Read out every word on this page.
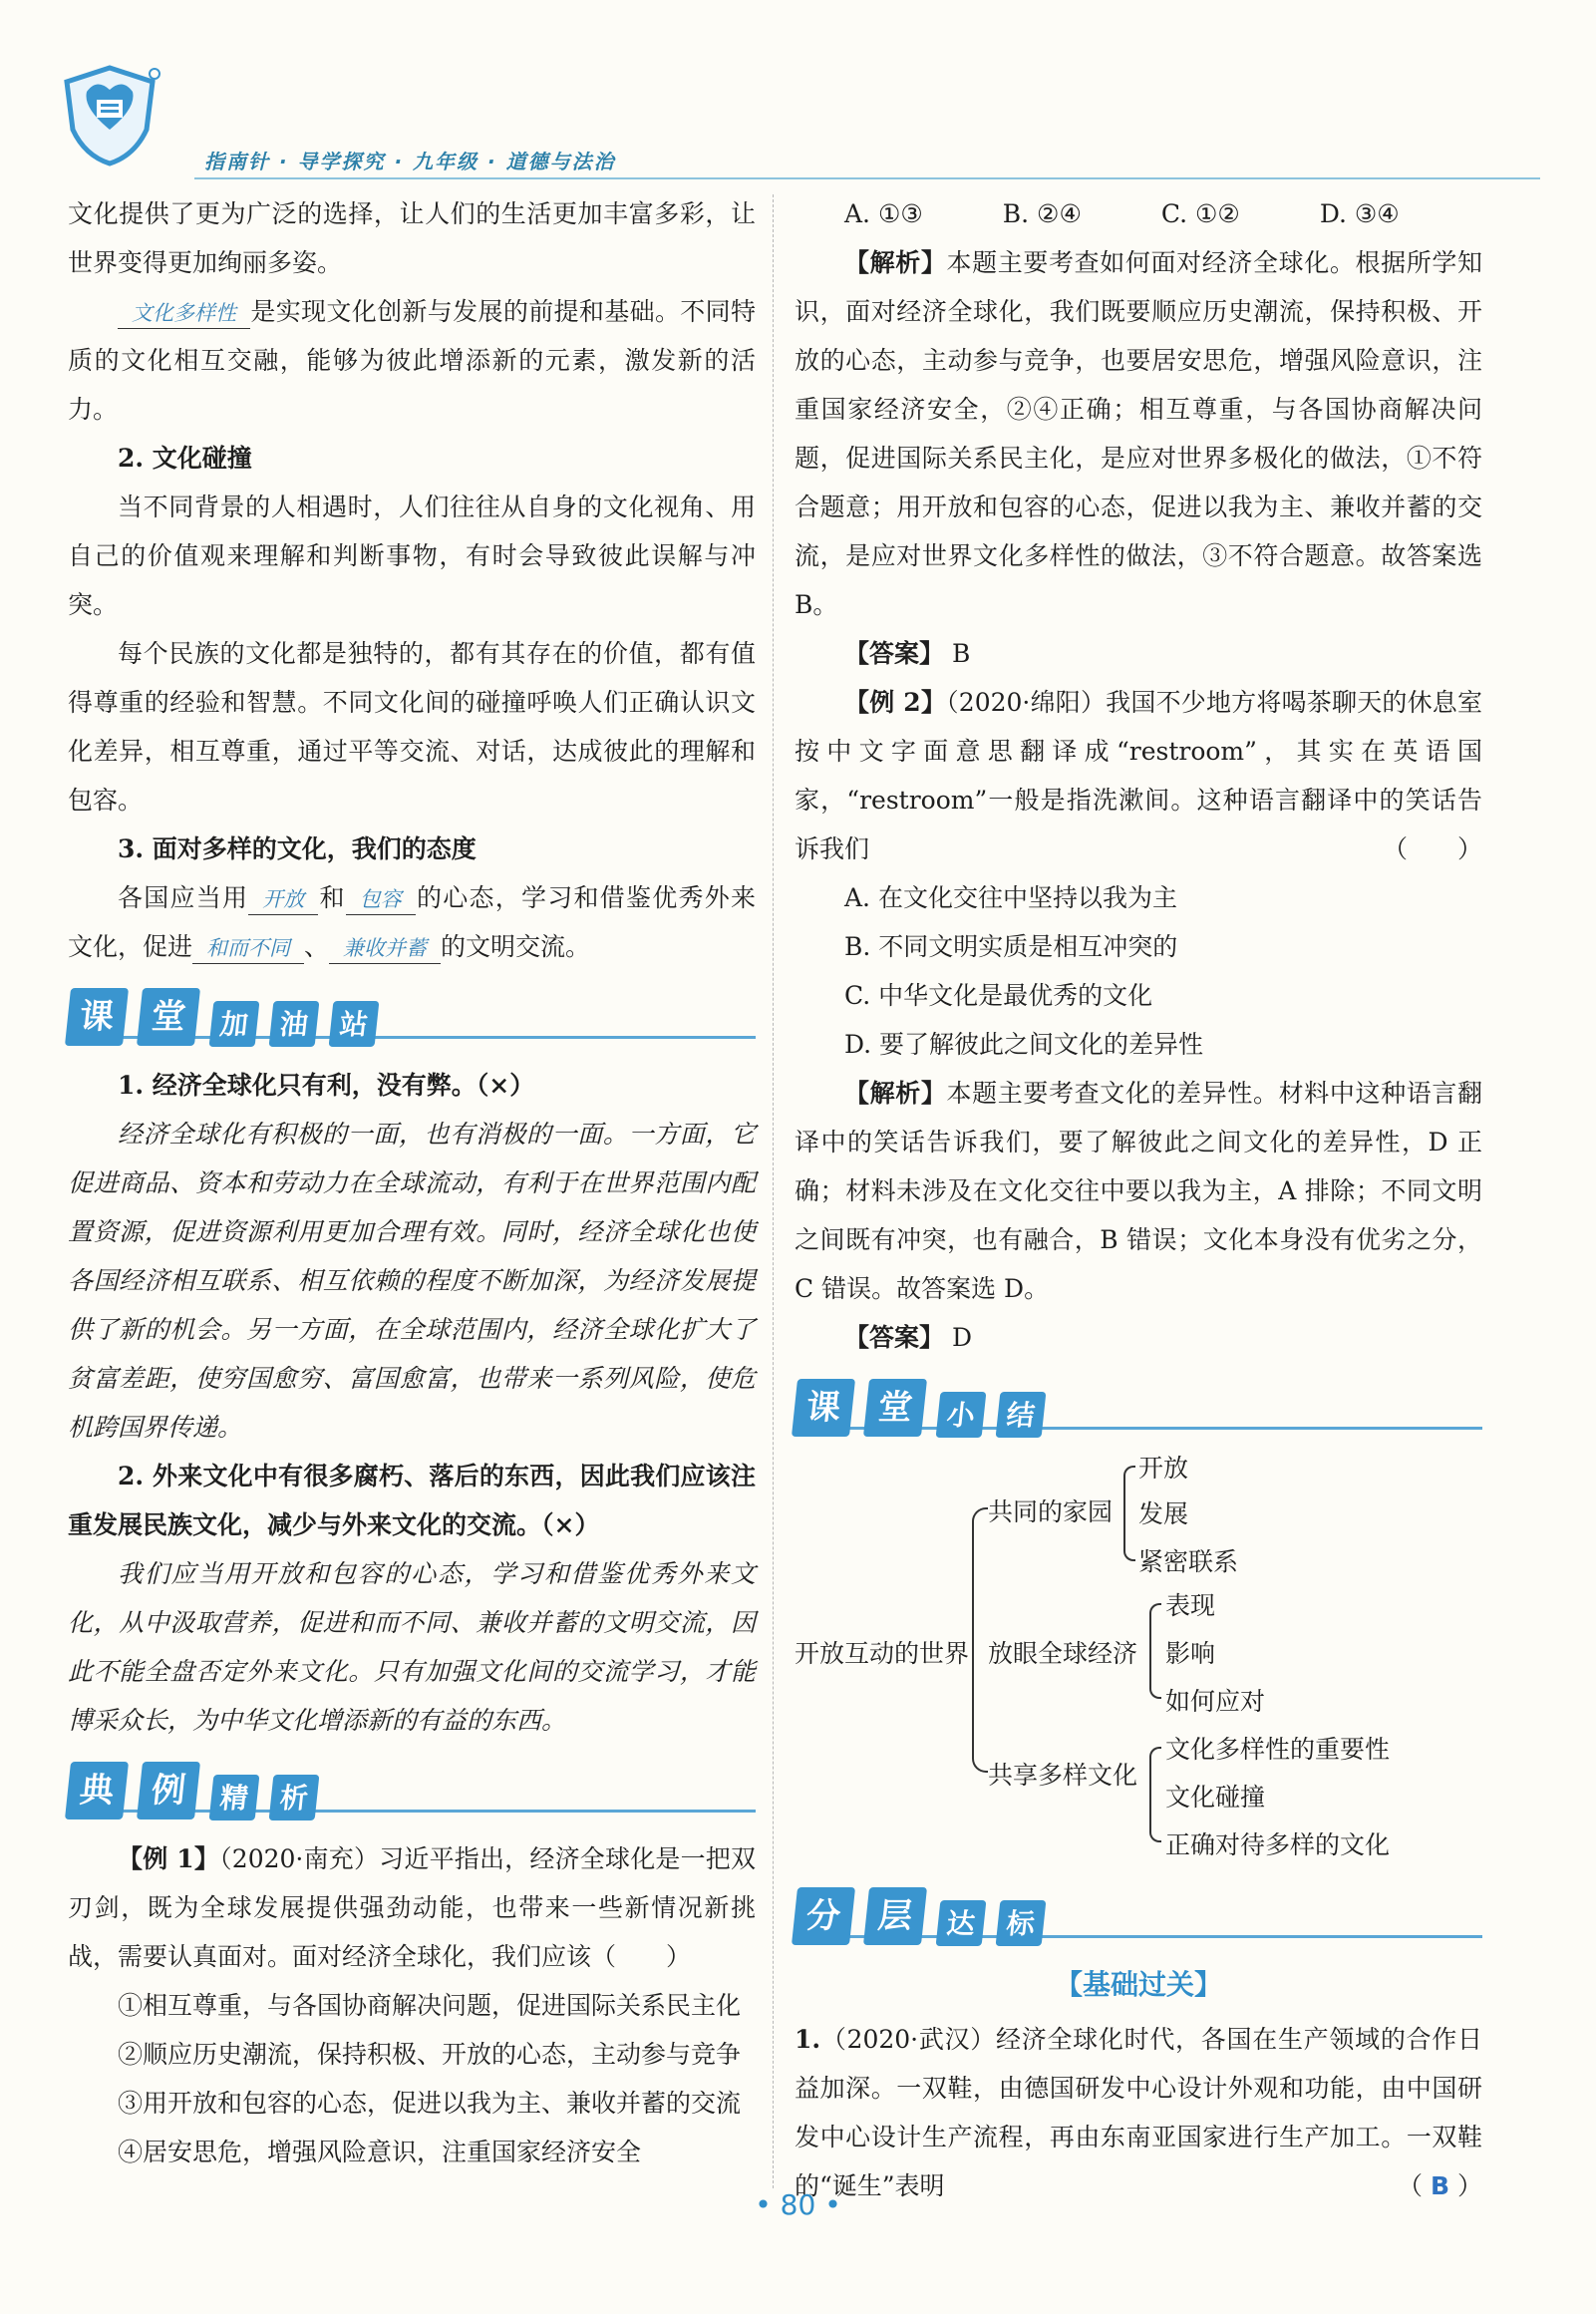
指南针 · 导学探究 · 九年级 · 道德与法治

文化提供了更为广泛的选择，让人们的生活更加丰富多彩，让世界变得更加绚丽多姿。

文化多样性 是实现文化创新与发展的前提和基础。不同特质的文化相互交融，能够为彼此增添新的元素，激发新的活力。

2. 文化碰撞

当不同背景的人相遇时，人们往往从自身的文化视角、用自己的价值观来理解和判断事物，有时会导致彼此误解与冲突。

每个民族的文化都是独特的，都有其存在的价值，都有值得尊重的经验和智慧。不同文化间的碰撞呼唤人们正确认识文化差异，相互尊重，通过平等交流、对话，达成彼此的理解和包容。

3. 面对多样的文化，我们的态度

各国应当用 开放 和 包容 的心态，学习和借鉴优秀外来文化，促进 和而不同 、 兼收并蓄 的文明交流。

课 堂	加	油	站

1. 经济全球化只有利，没有弊。（×）

经济全球化有积极的一面，也有消极的一面。一方面，它促进商品、资本和劳动力在全球流动，有利于在世界范围内配置资源，促进资源利用更加合理有效。同时，经济全球化也使各国经济相互联系、相互依赖的程度不断加深，为经济发展提供了新的机会。另一方面，在全球范围内，经济全球化扩大了贫富差距，使穷国愈穷、富国愈富，也带来一系列风险，使危机跨国界传递。

2. 外来文化中有很多腐朽、落后的东西，因此我们应该注重发展民族文化，减少与外来文化的交流。（×）

我们应当用开放和包容的心态，学习和借鉴优秀外来文化，从中汲取营养，促进和而不同、兼收并蓄的文明交流，因此不能全盘否定外来文化。只有加强文化间的交流学习，才能博采众长，为中华文化增添新的有益的东西。

典 例	精	析

【例 1】（2020·南充）习近平指出，经济全球化是一把双刃剑，既为全球发展提供强劲动能，也带来一些新情况新挑战，需要认真面对。面对经济全球化，我们应该（　　）

①相互尊重，与各国协商解决问题，促进国际关系民主化

②顺应历史潮流，保持积极、开放的心态，主动参与竞争

③用开放和包容的心态，促进以我为主、兼收并蓄的交流

④居安思危，增强风险意识，注重国家经济安全

A. ①③	B. ②④	C. ①②	D. ③④

【解析】本题主要考查如何面对经济全球化。根据所学知识，面对经济全球化，我们既要顺应历史潮流，保持积极、开放的心态，主动参与竞争，也要居安思危，增强风险意识，注重国家经济安全，②④正确；相互尊重，与各国协商解决问题，促进国际关系民主化，是应对世界多极化的做法，①不符合题意；用开放和包容的心态，促进以我为主、兼收并蓄的交流，是应对世界文化多样性的做法，③不符合题意。故答案选 B。

【答案】 B

【例 2】（2020·绵阳）我国不少地方将喝茶聊天的休息室按中文字面意思翻译成“restroom”，其实在英语国家，“restroom”一般是指洗漱间。这种语言翻译中的笑话告诉我们	（　　）

A. 在文化交往中坚持以我为主

B. 不同文明实质是相互冲突的

C. 中华文化是最优秀的文化

D. 要了解彼此之间文化的差异性

【解析】本题主要考查文化的差异性。材料中这种语言翻译中的笑话告诉我们，要了解彼此之间文化的差异性，D 正确；材料未涉及在文化交往中要以我为主，A 排除；不同文明之间既有冲突，也有融合，B 错误；文化本身没有优劣之分，C 错误。故答案选 D。

【答案】 D

课 堂	小	结
开放互动的世界
共同的家园
放眼全球经济
共享多样文化
开放
发展
紧密联系
表现
影响
如何应对
文化多样性的重要性
文化碰撞
正确对待多样的文化
分 层	达	标
【基础过关】

1.（2020·武汉）经济全球化时代，各国在生产领域的合作日益加深。一双鞋，由德国研发中心设计外观和功能，由中国研发中心设计生产流程，再由东南亚国家进行生产加工。一双鞋的“诞生”表明	（ B ）

• 80 •
